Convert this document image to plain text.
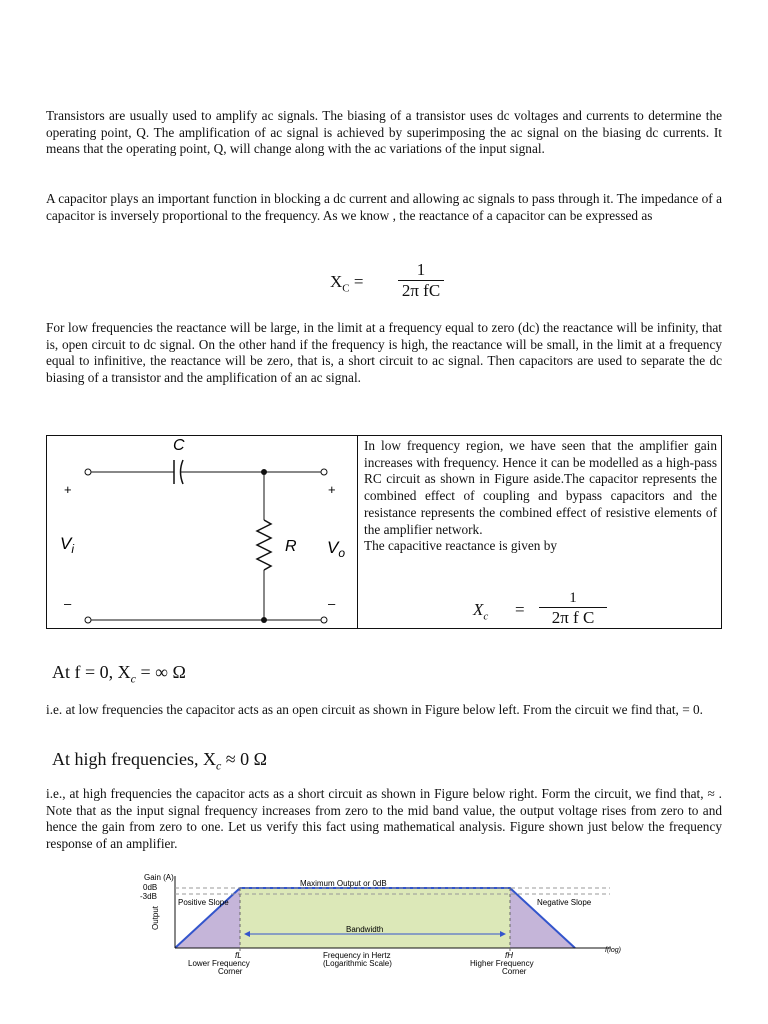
Transistors are usually used to amplify ac signals. The biasing of a transistor uses dc voltages and currents to determine the operating point, Q. The amplification of ac signal is achieved by superimposing the ac signal on the biasing dc currents. It means that the operating point, Q, will change along with the ac variations of the input signal.

A capacitor plays an important function in blocking a dc current and allowing ac signals to pass through it. The impedance of a capacitor is inversely proportional to the frequency. As we know , the reactance of a capacitor can be expressed as

$X_C$ =
1
2π fC

For low frequencies the reactance will be large, in the limit at a frequency equal to zero (dc) the reactance will be infinity, that is, open circuit to dc signal. On the other hand if the frequency is high, the reactance will be small, in the limit at a frequency equal to infinitive, the reactance will be zero, that is, a short circuit to ac signal. Then capacitors are used to separate the dc biasing of a transistor and the amplification of an ac signal.

C
R
+	+
–	–
$V_i$	$V_o$

In low frequency region, we have seen that the amplifier gain increases with frequency. Hence it can be modelled as a high-pass RC circuit as shown in Figure aside.The capacitor represents the combined effect of coupling and bypass capacitors and the resistance represents the combined effect of resistive elements of the amplifier network.
The capacitive reactance is given by

$X_c$ =
1
2π f C
At f = 0, $X_c$ = ∞ Ω

i.e. at low frequencies the capacitor acts as an open circuit as shown in Figure below left. From the circuit we find that, = 0.

At high frequencies, $X_c \approx 0$ Ω

i.e., at high frequencies the capacitor acts as a short circuit as shown in Figure below right. Form the circuit, we find that, ≈ . Note that as the input signal frequency increases from zero to the mid band value, the output voltage rises from zero to and hence the gain from zero to one. Let us verify this fact using mathematical analysis. Figure shown just below the frequency response of an amplifier.

Gain (A)
0dB
-3dB
Maximum Output or 0dB
Positive Slope	Negative Slope
Bandwidth
Output
fL	fH
f(log)
Frequency in Hertz
(Logarithmic Scale)
Lower Frequency
Corner
Higher Frequency
Corner
